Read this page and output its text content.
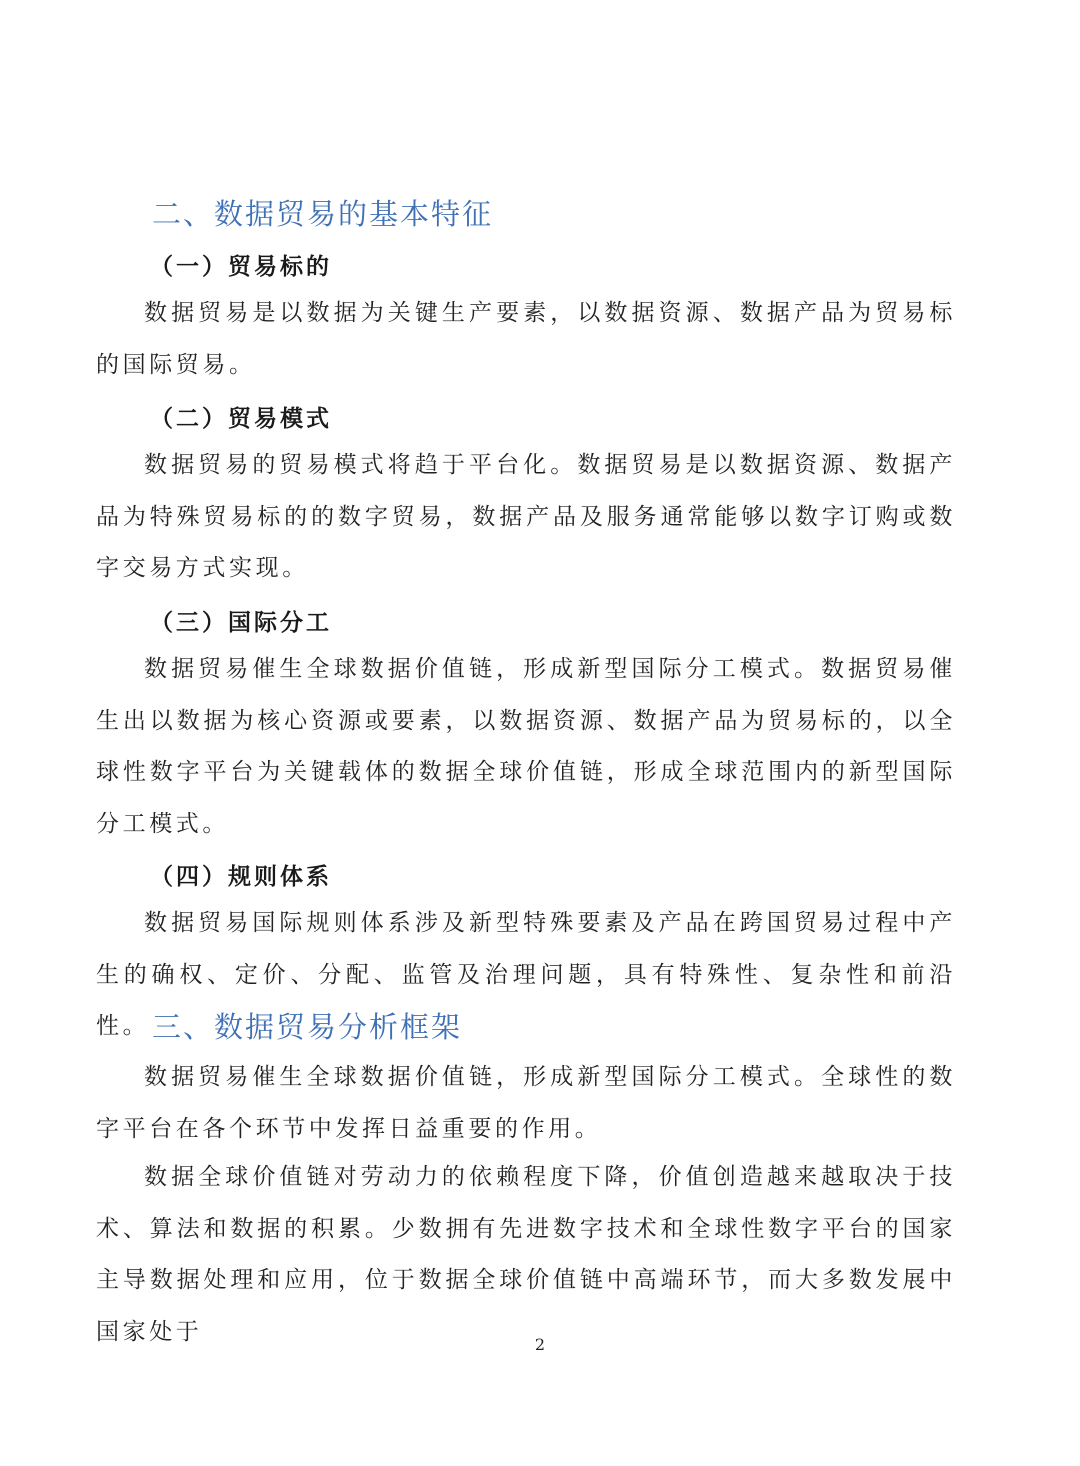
二、数据贸易的基本特征
（一）贸易标的

数据贸易是以数据为关键生产要素，以数据资源、数据产品为贸易标的国际贸易。

（二）贸易模式

数据贸易的贸易模式将趋于平台化。数据贸易是以数据资源、数据产品为特殊贸易标的的数字贸易，数据产品及服务通常能够以数字订购或数字交易方式实现。

（三）国际分工

数据贸易催生全球数据价值链，形成新型国际分工模式。数据贸易催生出以数据为核心资源或要素，以数据资源、数据产品为贸易标的，以全球性数字平台为关键载体的数据全球价值链，形成全球范围内的新型国际分工模式。

（四）规则体系

数据贸易国际规则体系涉及新型特殊要素及产品在跨国贸易过程中产生的确权、定价、分配、监管及治理问题，具有特殊性、复杂性和前沿性。 三、数据贸易分析框架

数据贸易催生全球数据价值链，形成新型国际分工模式。全球性的数字平台在各个环节中发挥日益重要的作用。

数据全球价值链对劳动力的依赖程度下降，价值创造越来越取决于技术、算法和数据的积累。少数拥有先进数字技术和全球性数字平台的国家主导数据处理和应用，位于数据全球价值链中高端环节，而大多数发展中国家处于	2
